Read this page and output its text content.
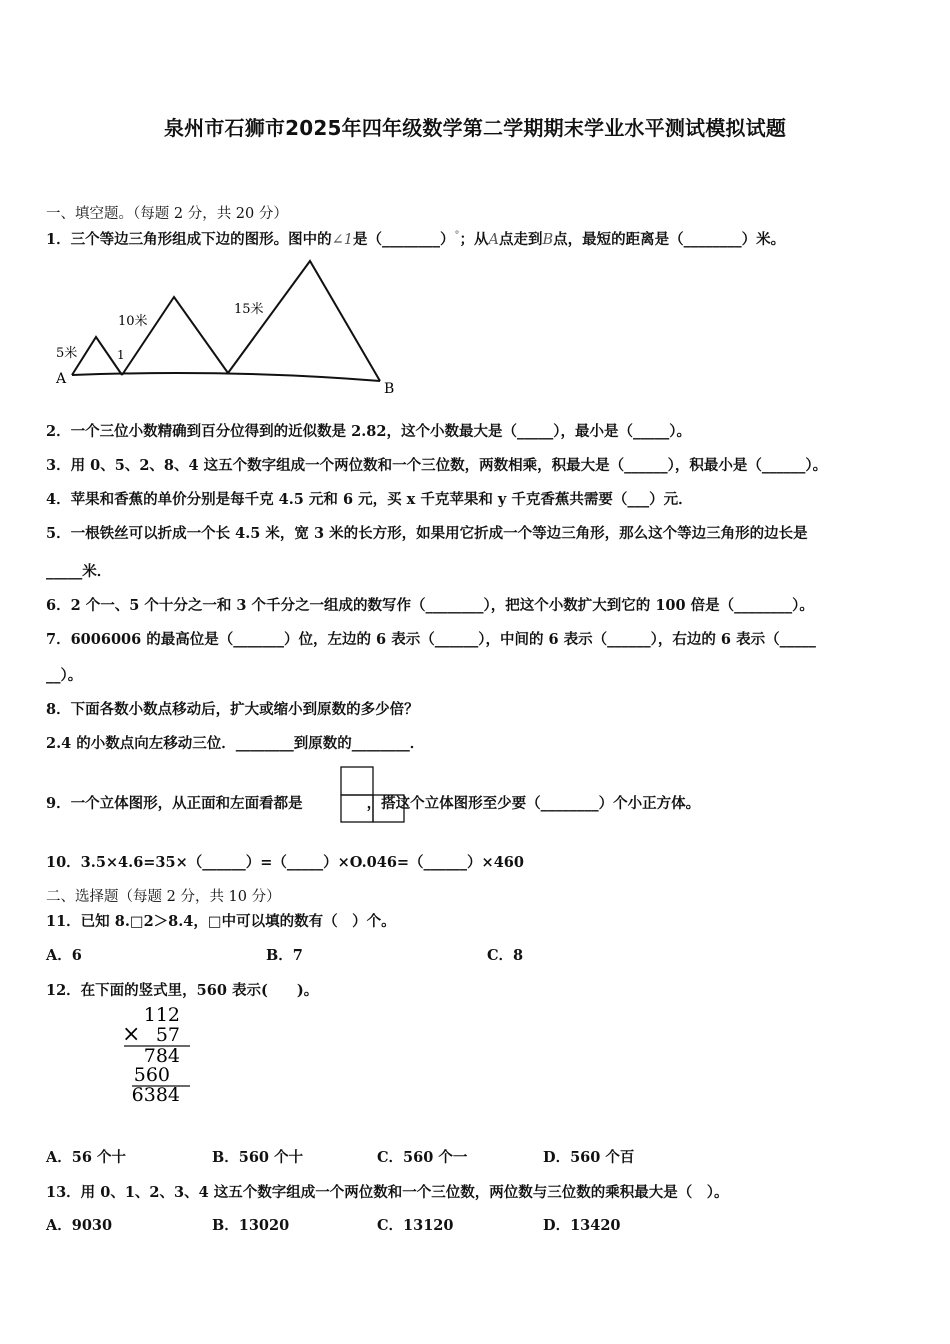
泉州市石狮市2025年四年级数学第二学期期末学业水平测试模拟试题
一、填空题。（每题 2 分，共 20 分）
1．三个等边三角形组成下边的图形。图中的∠1是（________）°；从A点走到B点，最短的距离是（________）米。
A
B
5米
10米
15米
1
2．一个三位小数精确到百分位得到的近似数是 2.82，这个小数最大是（_____），最小是（_____）。
3．用 0、5、2、8、4 这五个数字组成一个两位数和一个三位数，两数相乘，积最大是（______），积最小是（______）。
4．苹果和香蕉的单价分别是每千克 4.5 元和 6 元，买 x 千克苹果和 y 千克香蕉共需要（___）元．
5．一根铁丝可以折成一个长 4.5 米，宽 3 米的长方形，如果用它折成一个等边三角形，那么这个等边三角形的边长是
_____米．
6．2 个一、5 个十分之一和 3 个千分之一组成的数写作（________），把这个小数扩大到它的 100 倍是（________）。
7．6006006 的最高位是（_______）位，左边的 6 表示（______），中间的 6 表示（______），右边的 6 表示（_____
__）。
8．下面各数小数点移动后，扩大或缩小到原数的多少倍？
2.4 的小数点向左移动三位．________到原数的________．
9．一个立体图形，从正面和左面看都是	，搭这个立体图形至少要（________）个小正方体。
10．3.5×4.6=35×（______）=（_____）×O.046=（______）×460
二、选择题（每题 2 分，共 10 分）
11．已知 8.□2＞8.4，□中可以填的数有（　）个。
A．6	B．7	C．8
12．在下面的竖式里，560 表示(　　)。
112
× 57
784
560
6384
A．56 个十	B．560 个十	C．560 个一	D．560 个百
13．用 0、1、2、3、4 这五个数字组成一个两位数和一个三位数，两位数与三位数的乘积最大是（　）。
A．9030	B．13020	C．13120	D．13420
